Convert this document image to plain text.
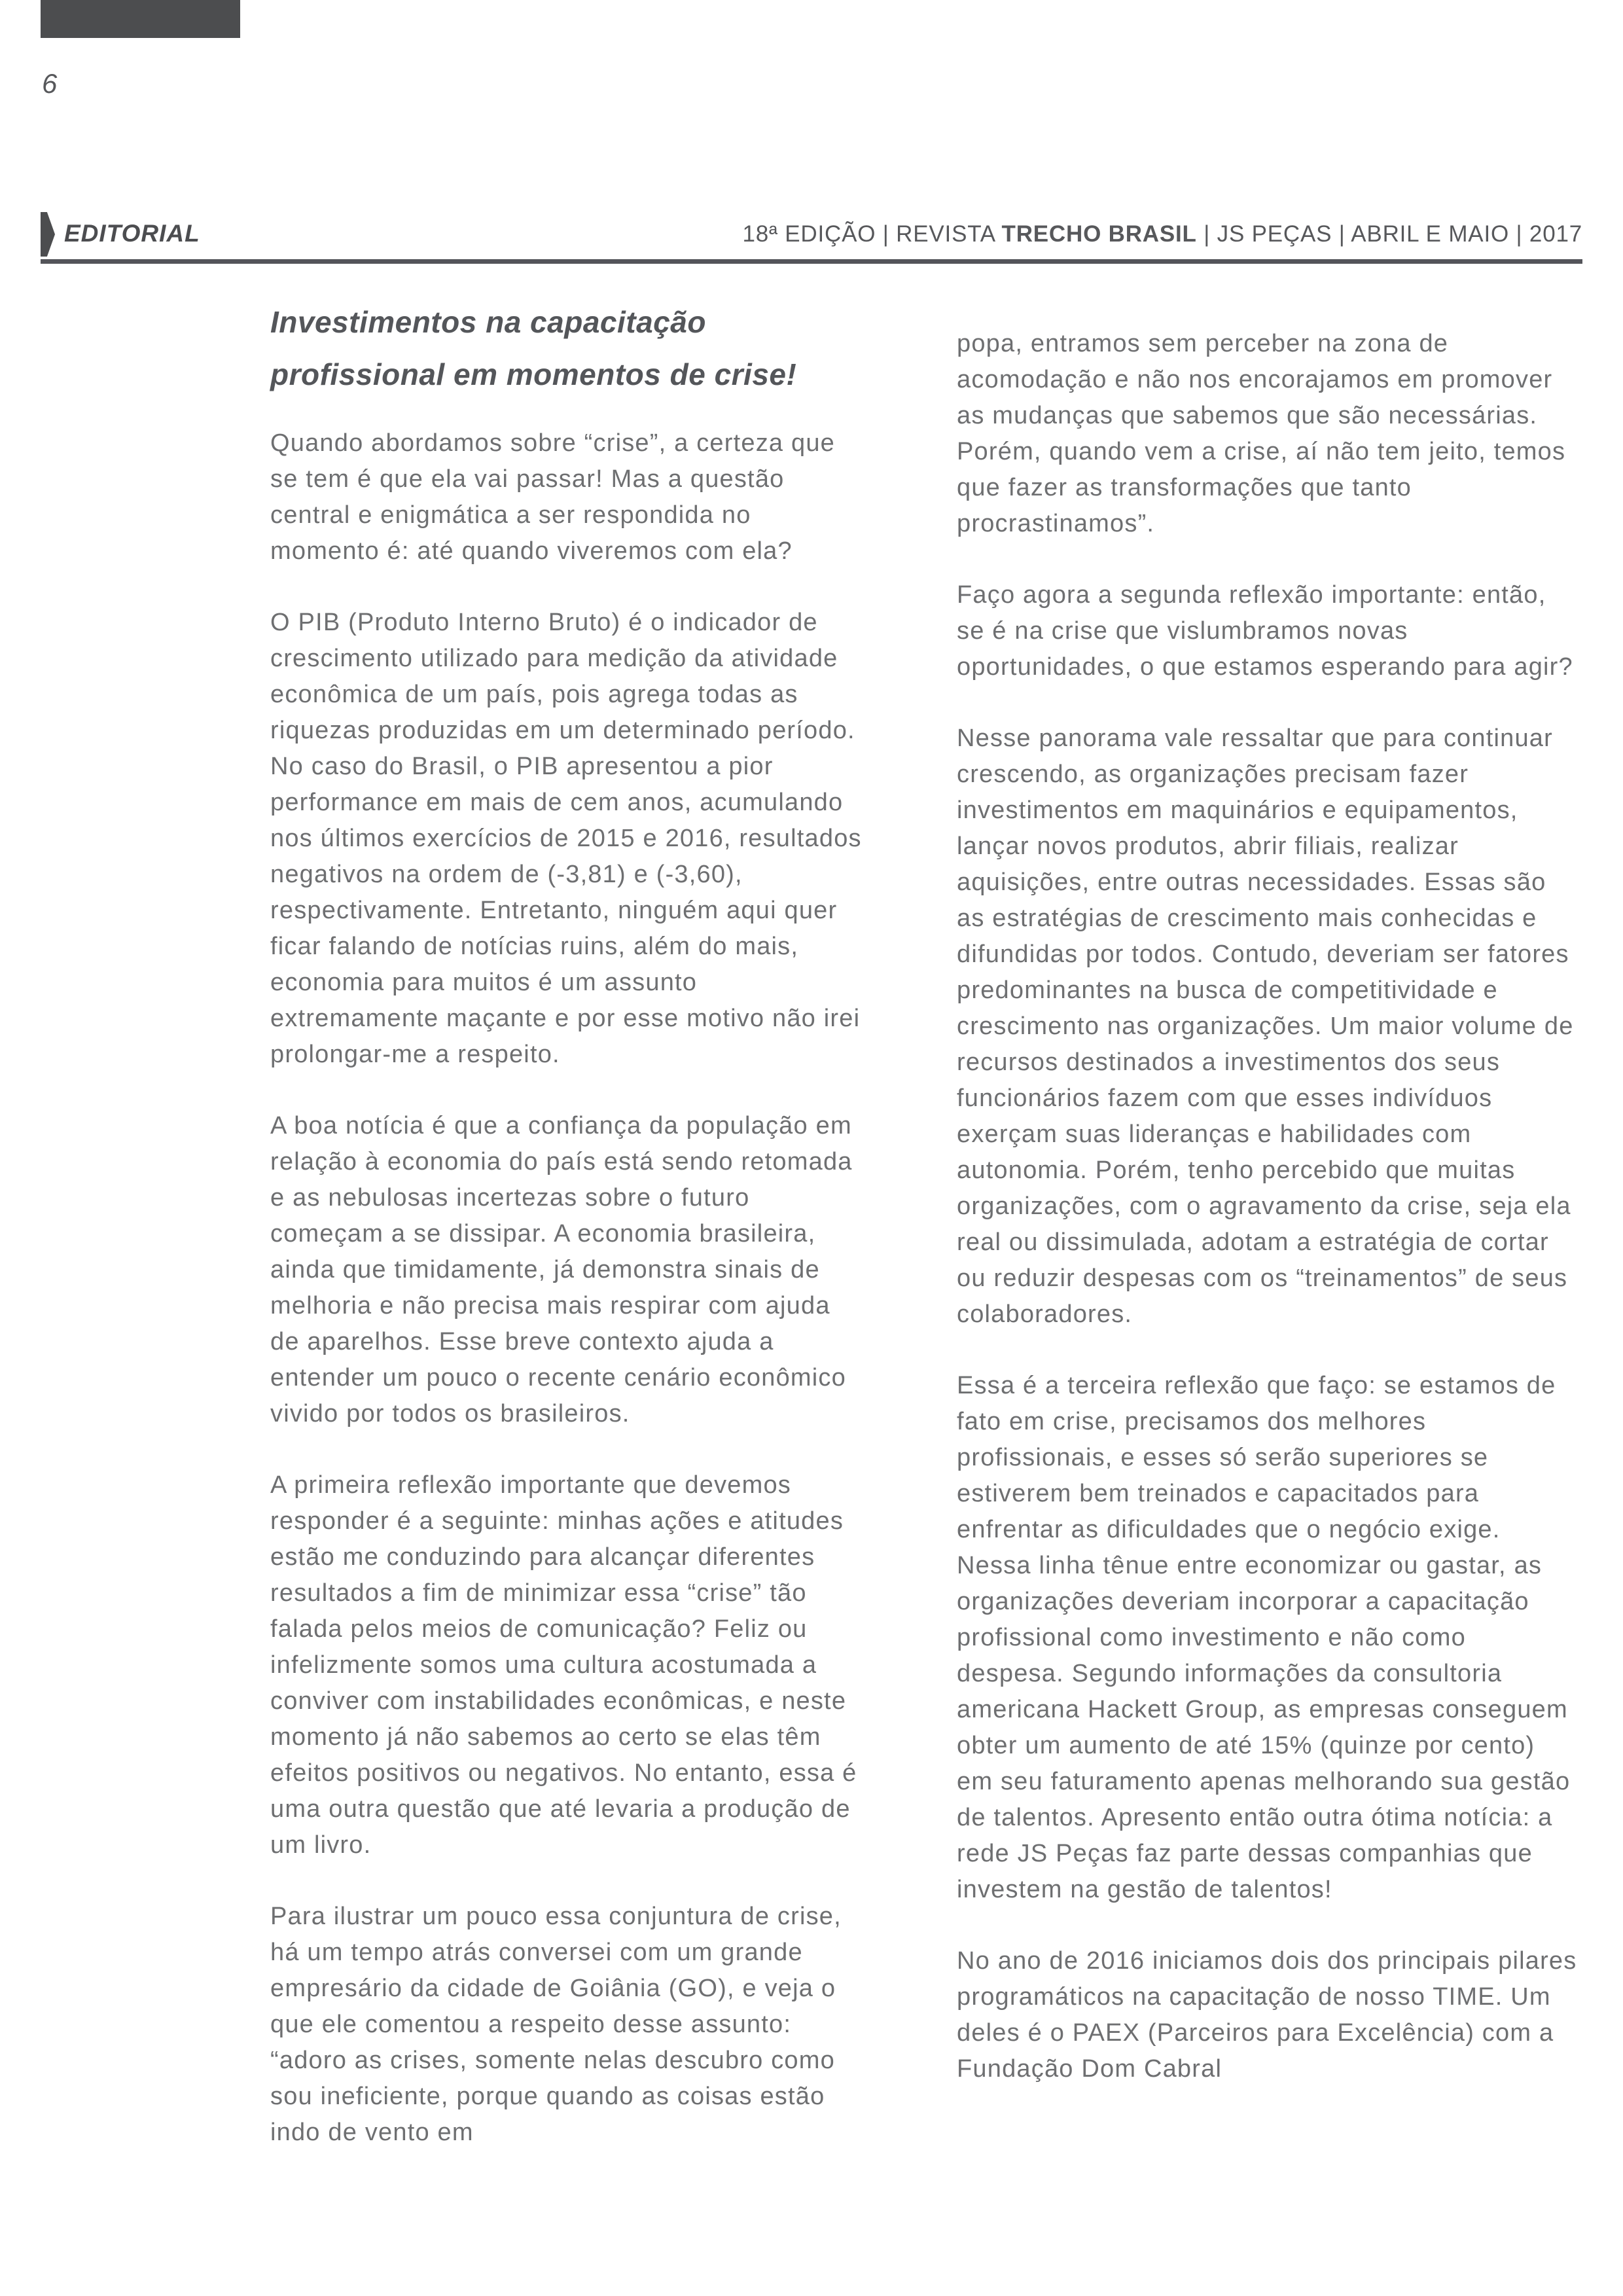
6
EDITORIAL	18ª EDIÇÃO | REVISTA TRECHO BRASIL | JS PEÇAS | ABRIL E MAIO | 2017
Investimentos na capacitação
profissional em momentos de crise!

Quando abordamos sobre “crise”, a certeza que se tem é que ela vai passar! Mas a questão central e enigmática a ser respondida no momento é: até quando viveremos com ela?

O PIB (Produto Interno Bruto) é o indicador de crescimento utilizado para medição da atividade econômica de um país, pois agrega todas as riquezas produzidas em um determinado período. No caso do Brasil, o PIB apresentou a pior performance em mais de cem anos, acumulando nos últimos exercícios de 2015 e 2016, resultados negativos na ordem de (-3,81) e (-3,60), respectivamente. Entretanto, ninguém aqui quer ficar falando de notícias ruins, além do mais, economia para muitos é um assunto extremamente maçante e por esse motivo não irei prolongar-me a respeito.

A boa notícia é que a confiança da população em relação à economia do país está sendo retomada e as nebulosas incertezas sobre o futuro começam a se dissipar. A economia brasileira, ainda que timidamente, já demonstra sinais de melhoria e não precisa mais respirar com ajuda de aparelhos. Esse breve contexto ajuda a entender um pouco o recente cenário econômico vivido por todos os brasileiros.

A primeira reflexão importante que devemos responder é a seguinte: minhas ações e atitudes estão me conduzindo para alcançar diferentes resultados a fim de minimizar essa “crise” tão falada pelos meios de comunicação? Feliz ou infelizmente somos uma cultura acostumada a conviver com instabilidades econômicas, e neste momento já não sabemos ao certo se elas têm efeitos positivos ou negativos. No entanto, essa é uma outra questão que até levaria a produção de um livro.

Para ilustrar um pouco essa conjuntura de crise, há um tempo atrás conversei com um grande empresário da cidade de Goiânia (GO), e veja o que ele comentou a respeito desse assunto: “adoro as crises, somente nelas descubro como sou ineficiente, porque quando as coisas estão indo de vento em

popa, entramos sem perceber na zona de acomodação e não nos encorajamos em promover as mudanças que sabemos que são necessárias. Porém, quando vem a crise, aí não tem jeito, temos que fazer as transformações que tanto procrastinamos”.

Faço agora a segunda reflexão importante: então, se é na crise que vislumbramos novas oportunidades, o que estamos esperando para agir?

Nesse panorama vale ressaltar que para continuar crescendo, as organizações precisam fazer investimentos em maquinários e equipamentos, lançar novos produtos, abrir filiais, realizar aquisições, entre outras necessidades. Essas são as estratégias de crescimento mais conhecidas e difundidas por todos. Contudo, deveriam ser fatores predominantes na busca de competitividade e crescimento nas organizações. Um maior volume de recursos destinados a investimentos dos seus funcionários fazem com que esses indivíduos exerçam suas lideranças e habilidades com autonomia. Porém, tenho percebido que muitas organizações, com o agravamento da crise, seja ela real ou dissimulada, adotam a estratégia de cortar ou reduzir despesas com os “treinamentos” de seus colaboradores.

Essa é a terceira reflexão que faço: se estamos de fato em crise, precisamos dos melhores profissionais, e esses só serão superiores se estiverem bem treinados e capacitados para enfrentar as dificuldades que o negócio exige. Nessa linha tênue entre economizar ou gastar, as organizações deveriam incorporar a capacitação profissional como investimento e não como despesa. Segundo informações da consultoria americana Hackett Group, as empresas conseguem obter um aumento de até 15% (quinze por cento) em seu faturamento apenas melhorando sua gestão de talentos. Apresento então outra ótima notícia: a rede JS Peças faz parte dessas companhias que investem na gestão de talentos!

No ano de 2016 iniciamos dois dos principais pilares programáticos na capacitação de nosso TIME. Um deles é o PAEX (Parceiros para Excelência) com a Fundação Dom Cabral
